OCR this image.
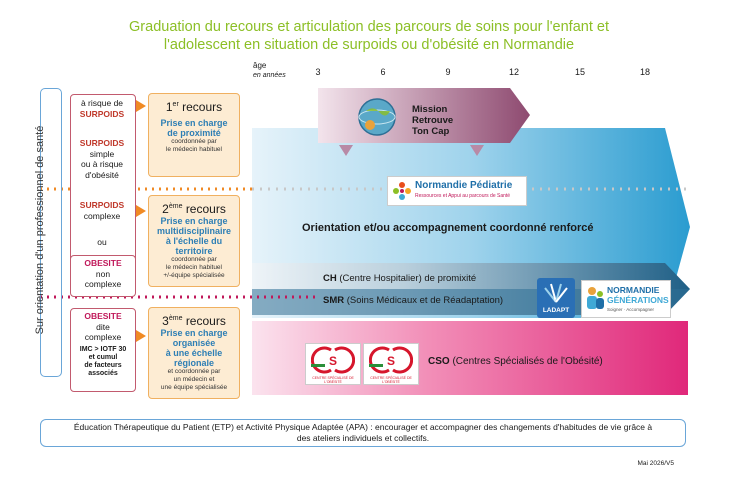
Graduation du recours et articulation des parcours de soins pour l'enfant et
l'adolescent en situation de surpoids ou d'obésité en Normandie
âge
en années	3	6	9	12	15	18
Sur orientation d'un professionnel de santé
à risque de
SURPOIDS
SURPOIDS
simple
ou à risque
d'obésité
SURPOIDS
complexe
ou
OBESITE
non
complexe
OBESITE
dite
complexe
IMC > IOTF 30
et cumul
de facteurs
associés
1er recours
Prise en charge
de proximité
coordonnée par
le médecin habituel
2ème recours
Prise en charge
multidisciplinaire
à l'échelle du
territoire
coordonnée par
le médecin habituel
+/-équipe spécialisée
3ème recours
Prise en charge
organisée
à une échelle
régionale
et coordonnée par
un médecin et
une équipe spécialisée
Mission
Retrouve
Ton Cap
Normandie Pédiatrie
Ressources et Appui au parcours de Santé
Orientation et/ou accompagnement coordonné renforcé
CH (Centre Hospitalier) de promixité
SMR (Soins Médicaux et de Réadaptation)
LADAPT
NORMANDIE
GÉNÉRATIONS
Soigner · Accompagner
S
CENTRE SPÉCIALISÉ DE L'OBÉSITÉ
S
CENTRE SPÉCIALISÉ DE L'OBÉSITÉ
CSO (Centres Spécialisés de l'Obésité)
Éducation Thérapeutique du Patient (ETP) et Activité Physique Adaptée (APA) : encourager et accompagner des changements d'habitudes de vie grâce à
des ateliers individuels et collectifs.
Mai 2026/V5
